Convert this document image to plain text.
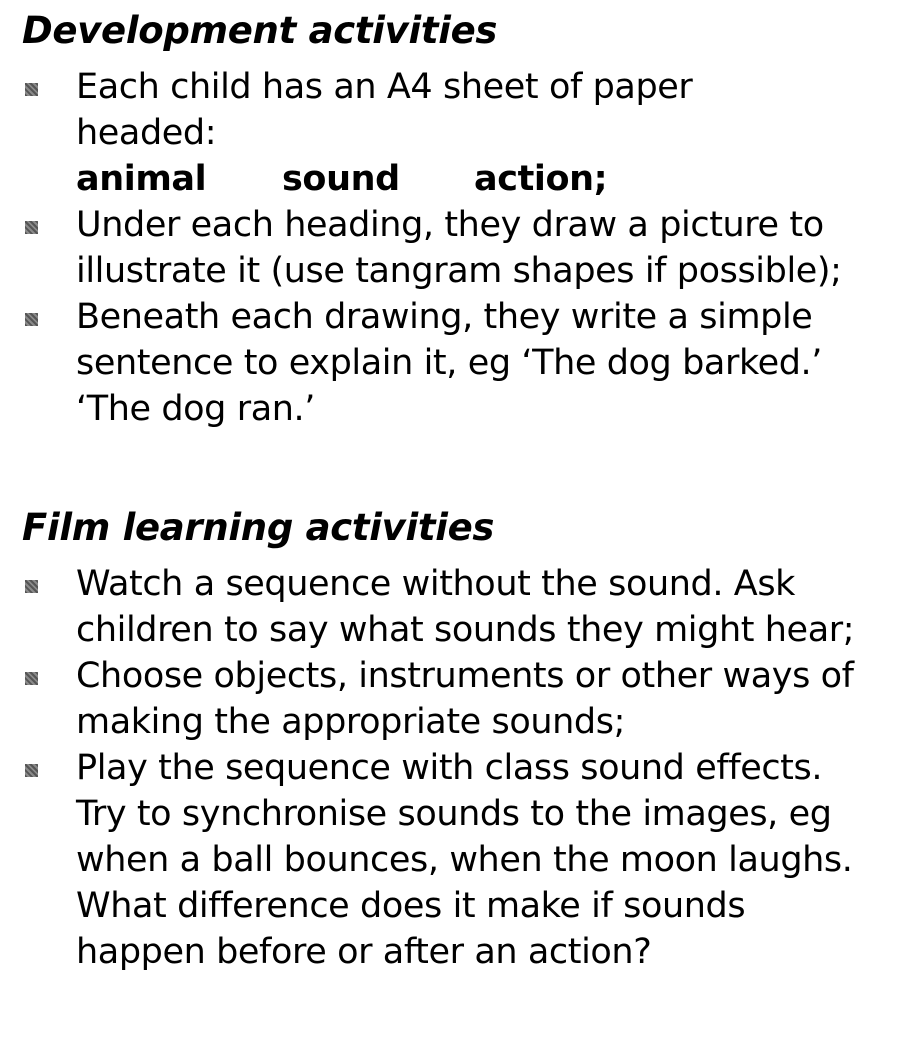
Development activities
Each child has an A4 sheet of paper headed:
animal	sound	action;
Under each heading, they draw a picture to illustrate it (use tangram shapes if possible);
Beneath each drawing, they write a simple sentence to explain it, eg ‘The dog barked.’ ‘The dog ran.’
Film learning activities
Watch a sequence without the sound. Ask children to say what sounds they might hear;
Choose objects, instruments or other ways of making the appropriate sounds;
Play the sequence with class sound effects. Try to synchronise sounds to the images, eg when a ball bounces, when the moon laughs. What difference does it make if sounds happen before or after an action?
